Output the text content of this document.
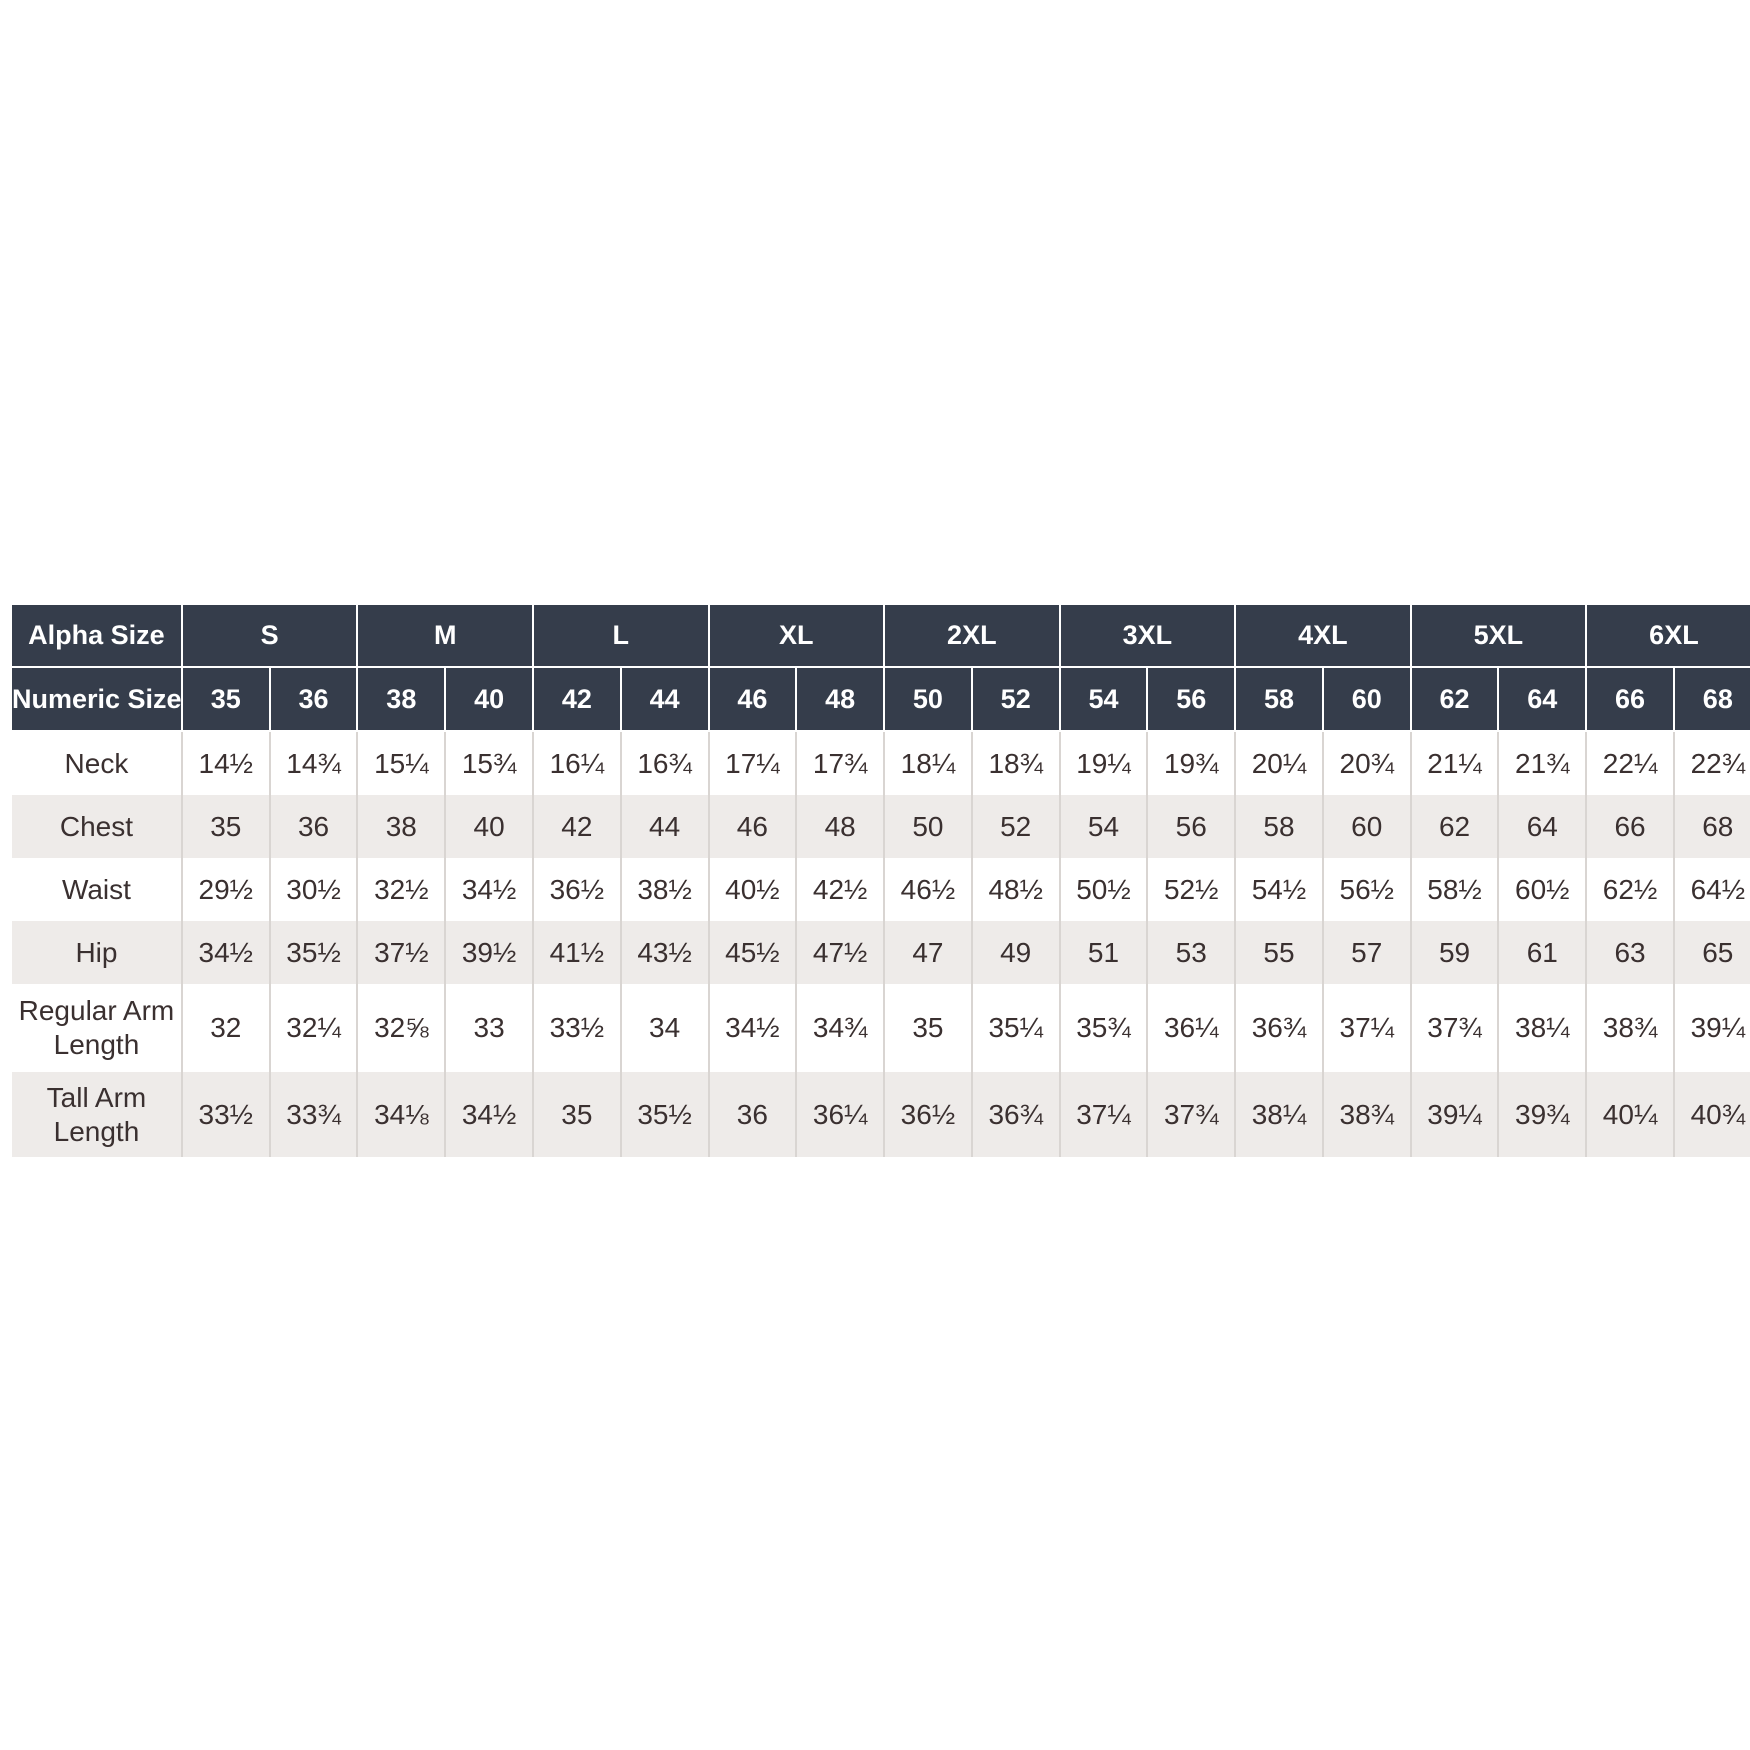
Alpha Size	S		M		L		XL		2XL		3XL		4XL		5XL		6XL		
Numeric Size	35	36	38	40	42	44	46	48	50	52	54	56	58	60	62	64	66	68	

Neck	14½	14¾	15¼	15¾	16¼	16¾	17¼	17¾	18¼	18¾	19¼	19¾	20¼	20¾	21¼	21¾	22¼	22¾	

Chest	35	36	38	40	42	44	46	48	50	52	54	56	58	60	62	64	66	68	

Waist	29½	30½	32½	34½	36½	38½	40½	42½	46½	48½	50½	52½	54½	56½	58½	60½	62½	64½	

Hip	34½	35½	37½	39½	41½	43½	45½	47½	47	49	51	53	55	57	59	61	63	65	

Regular Arm
Length	32	32¼	32⅝	33	33½	34	34½	34¾	35	35¼	35¾	36¼	36¾	37¼	37¾	38¼	38¾	39¼	

Tall Arm
Length	33½	33¾	34⅛	34½	35	35½	36	36¼	36½	36¾	37¼	37¾	38¼	38¾	39¼	39¾	40¼	40¾	
